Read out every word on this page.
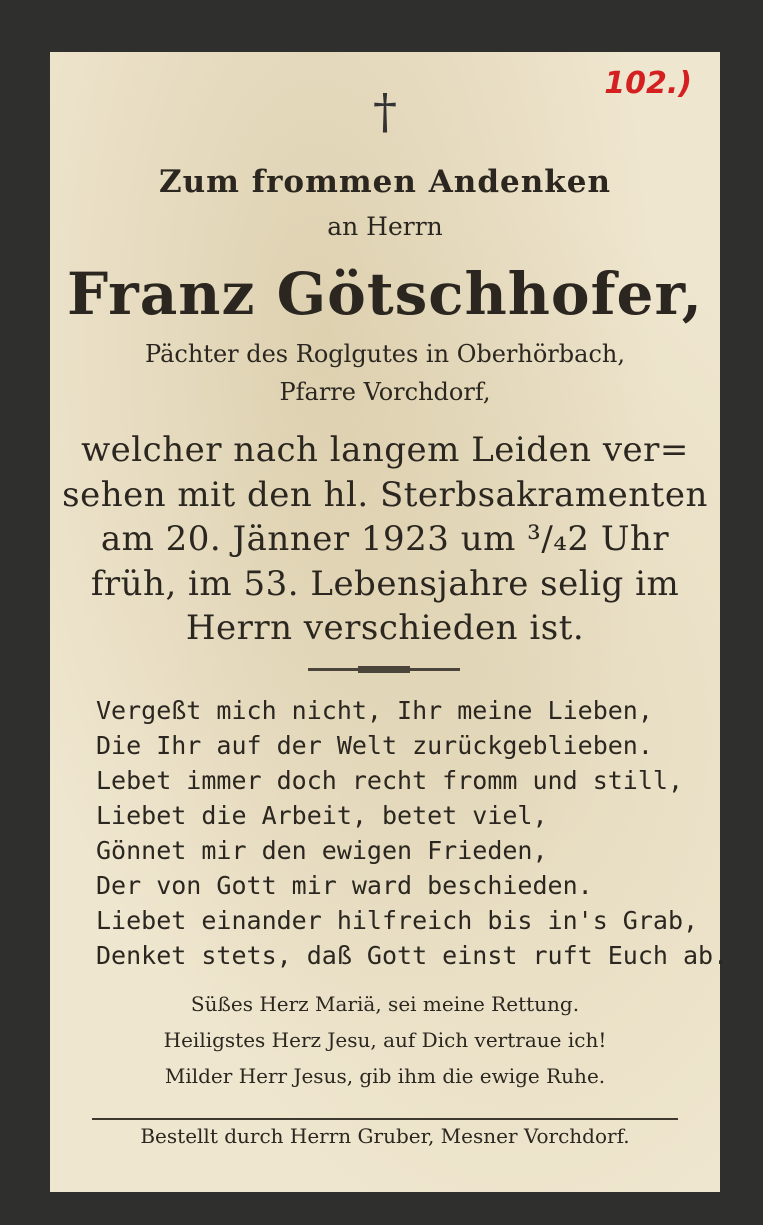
102.)
†
Zum frommen Andenken
an Herrn
Franz Götschhofer,
Pächter des Roglgutes in Oberhörbach,
Pfarre Vorchdorf,
welcher nach langem Leiden ver=
sehen mit den hl. Sterbsakramenten
am 20. Jänner 1923 um ³/₄2 Uhr
früh, im 53. Lebensjahre selig im
Herrn verschieden ist.
Vergeßt mich nicht, Ihr meine Lieben,
Die Ihr auf der Welt zurückgeblieben.
Lebet immer doch recht fromm und still,
Liebet die Arbeit, betet viel,
Gönnet mir den ewigen Frieden,
Der von Gott mir ward beschieden.
Liebet einander hilfreich bis in's Grab,
Denket stets, daß Gott einst ruft Euch ab.
Süßes Herz Mariä, sei meine Rettung.
Heiligstes Herz Jesu, auf Dich vertraue ich!
Milder Herr Jesus, gib ihm die ewige Ruhe.
Bestellt durch Herrn Gruber, Mesner Vorchdorf.
